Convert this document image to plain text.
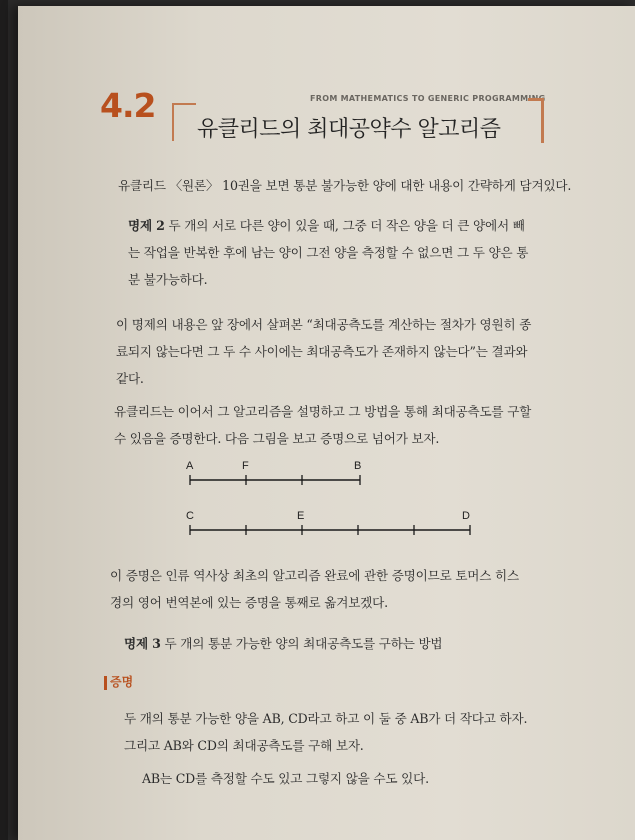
4.2	FROM MATHEMATICS TO GENERIC PROGRAMMING
유클리드의 최대공약수 알고리즘
유클리드 〈원론〉 10권을 보면 통분 불가능한 양에 대한 내용이 간략하게 담겨있다.
명제 2 두 개의 서로 다른 양이 있을 때, 그중 더 작은 양을 더 큰 양에서 빼
는 작업을 반복한 후에 남는 양이 그전 양을 측정할 수 없으면 그 두 양은 통
분 불가능하다.
이 명제의 내용은 앞 장에서 살펴본 “최대공측도를 계산하는 절차가 영원히 종
료되지 않는다면 그 두 수 사이에는 최대공측도가 존재하지 않는다”는 결과와
같다.
유클리드는 이어서 그 알고리즘을 설명하고 그 방법을 통해 최대공측도를 구할
수 있음을 증명한다. 다음 그림을 보고 증명으로 넘어가 보자.
A	F	B
C	E	D
이 증명은 인류 역사상 최초의 알고리즘 완료에 관한 증명이므로 토머스 히스
경의 영어 번역본에 있는 증명을 통째로 옮겨보겠다.
명제 3 두 개의 통분 가능한 양의 최대공측도를 구하는 방법
증명
두 개의 통분 가능한 양을 AB, CD라고 하고 이 둘 중 AB가 더 작다고 하자.
그리고 AB와 CD의 최대공측도를 구해 보자.
AB는 CD를 측정할 수도 있고 그렇지 않을 수도 있다.
